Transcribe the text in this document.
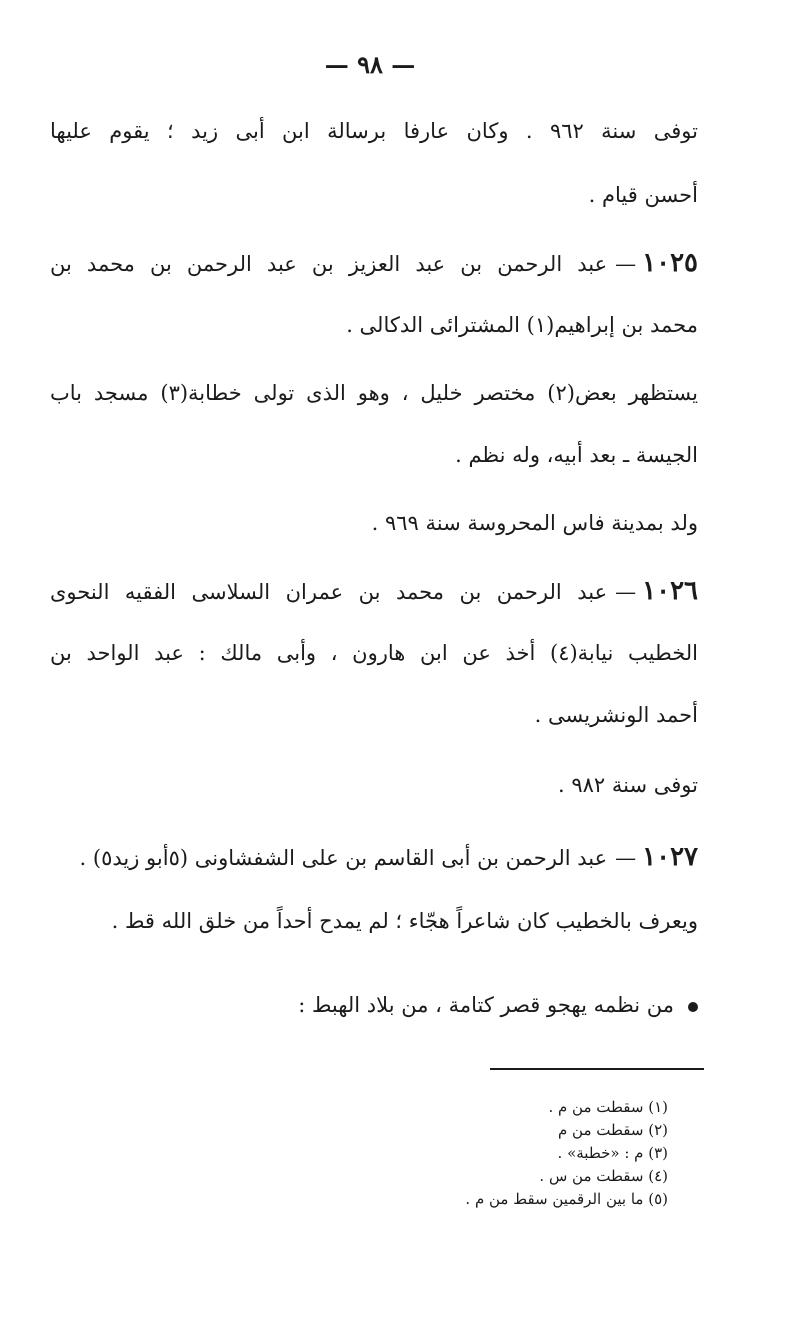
— ٩٨ —
توفى سنة ٩٦٢ . وكان عارفا برسالة ابن أبى زيد ؛ يقوم عليها
أحسن قيام .
١٠٢٥—عبد الرحمن بن عبد العزيز بن عبد الرحمن بن محمد بن
محمد بن إبراهيم(١) المشترائى الدكالى .
يستظهر بعض(٢) مختصر خليل ، وهو الذى تولى خطابة(٣) مسجد باب
الجيسة ـ بعد أبيه، وله نظم .
ولد بمدينة فاس المحروسة سنة ٩٦٩ .
١٠٢٦—عبد الرحمن بن محمد بن عمران السلاسى الفقيه النحوى
الخطيب نيابة(٤) أخذ عن ابن هارون ، وأبى مالك : عبد الواحد بن
أحمد الونشريسى .
توفى سنة ٩٨٢ .
١٠٢٧—عبد الرحمن بن أبى القاسم بن على الشفشاونى (٥أبو زيد٥) .
ويعرف بالخطيب كان شاعراً هجّاء ؛ لم يمدح أحداً من خلق الله قط .
من نظمه يهجو قصر كتامة ، من بلاد الهبط :
(١) سقطت من م .
(٢) سقطت من م
(٣) م : «خطبة» .
(٤) سقطت من س .
(٥) ما بين الرقمين سقط من م .
